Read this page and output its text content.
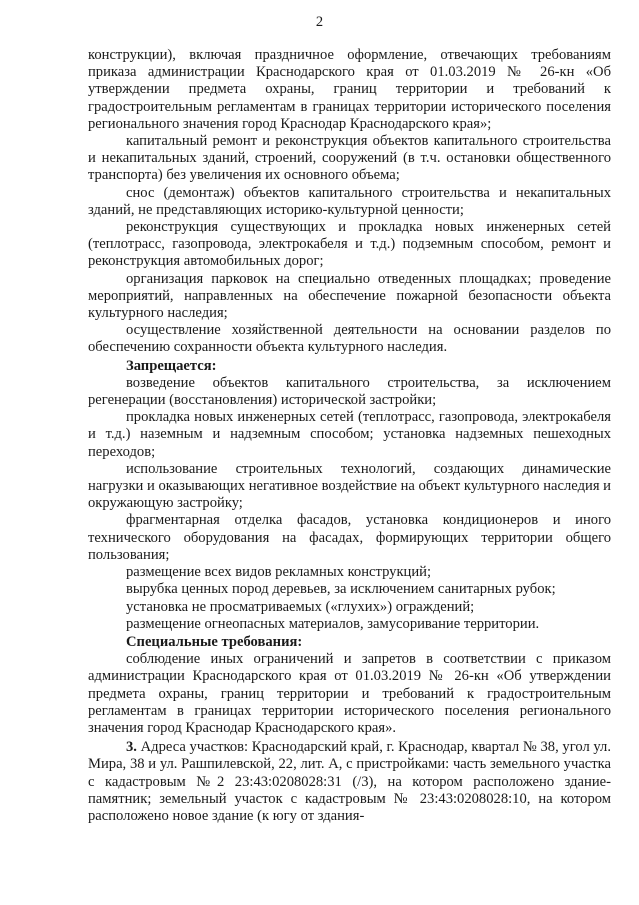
2

конструкции), включая праздничное оформление, отвечающих требованиям приказа администрации Краснодарского края от 01.03.2019 № 26-кн «Об утверждении предмета охраны, границ территории и требований к градостроительным регламентам в границах территории исторического поселения регионального значения город Краснодар Краснодарского края»;

капитальный ремонт и реконструкция объектов капитального строительства и некапитальных зданий, строений, сооружений (в т.ч. остановки общественного транспорта) без увеличения их основного объема;

снос (демонтаж) объектов капитального строительства и некапитальных зданий, не представляющих историко-культурной ценности;

реконструкция существующих и прокладка новых инженерных сетей (теплотрасс, газопровода, электрокабеля и т.д.) подземным способом, ремонт и реконструкция автомобильных дорог;

организация парковок на специально отведенных площадках; проведение мероприятий, направленных на обеспечение пожарной безопасности объекта культурного наследия;

осуществление хозяйственной деятельности на основании разделов по обеспечению сохранности объекта культурного наследия.

Запрещается:

возведение объектов капитального строительства, за исключением регенерации (восстановления) исторической застройки;

прокладка новых инженерных сетей (теплотрасс, газопровода, электрокабеля и т.д.) наземным и надземным способом; установка надземных пешеходных переходов;

использование строительных технологий, создающих динамические нагрузки и оказывающих негативное воздействие на объект культурного наследия и окружающую застройку;

фрагментарная отделка фасадов, установка кондиционеров и иного технического оборудования на фасадах, формирующих территории общего пользования;

размещение всех видов рекламных конструкций;

вырубка ценных пород деревьев, за исключением санитарных рубок;

установка не просматриваемых («глухих») ограждений;

размещение огнеопасных материалов, замусоривание территории.

Специальные требования:

соблюдение иных ограничений и запретов в соответствии с приказом администрации Краснодарского края от 01.03.2019 № 26-кн «Об утверждении предмета охраны, границ территории и требований к градостроительным регламентам в границах территории исторического поселения регионального значения город Краснодар Краснодарского края».

3. Адреса участков: Краснодарский край, г. Краснодар, квартал № 38, угол ул. Мира, 38 и ул. Рашпилевской, 22, лит. А, с пристройками: часть земельного участка с кадастровым №2 23:43:0208028:31 (/3), на котором расположено здание- памятник; земельный участок с кадастровым № 23:43:0208028:10, на котором расположено новое здание (к югу от здания-
